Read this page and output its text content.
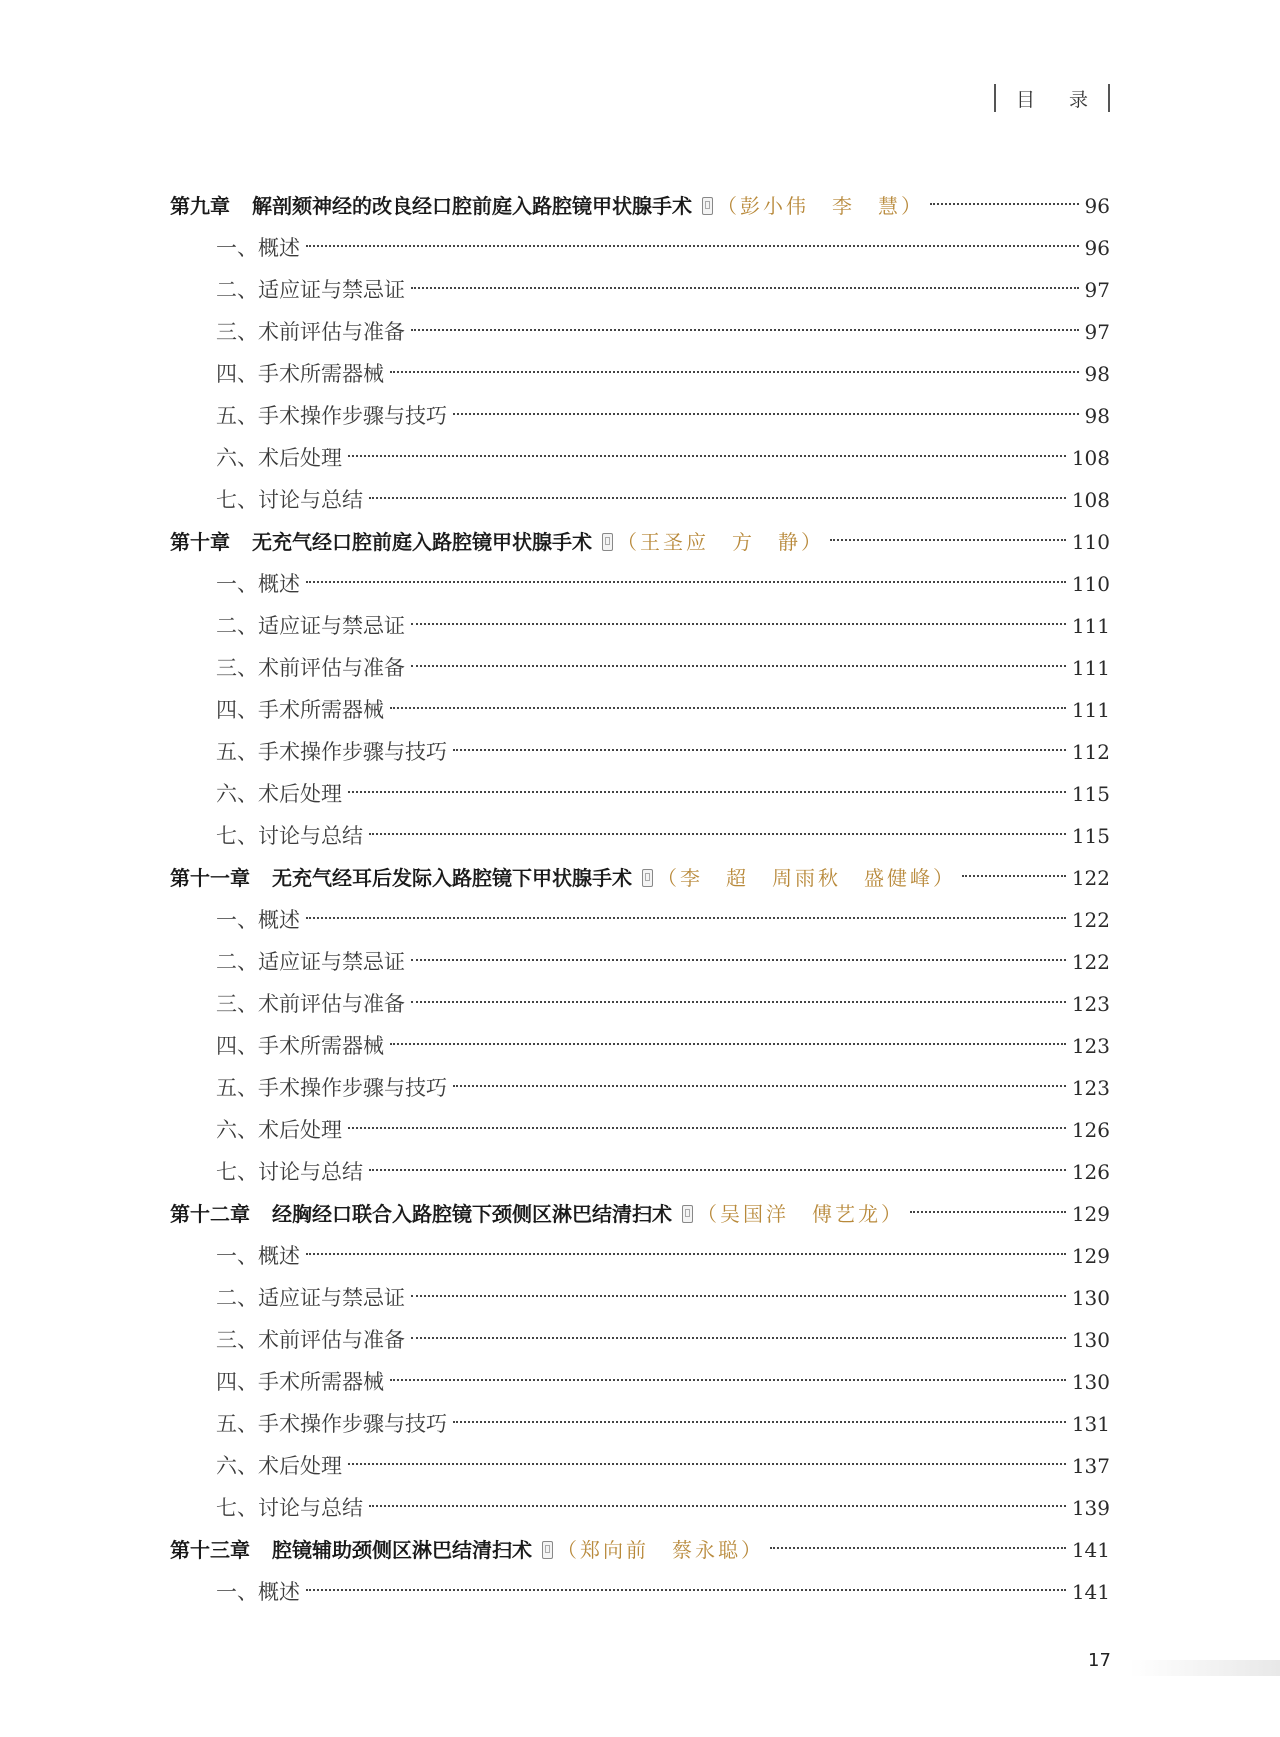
目 录
第九章 解剖颏神经的改良经口腔前庭入路腔镜甲状腺手术 （彭小伟　李　慧）	96
一、概述	96
二、适应证与禁忌证	97
三、术前评估与准备	97
四、手术所需器械	98
五、手术操作步骤与技巧	98
六、术后处理	108
七、讨论与总结	108
第十章 无充气经口腔前庭入路腔镜甲状腺手术 （王圣应　方　静）	110
一、概述	110
二、适应证与禁忌证	111
三、术前评估与准备	111
四、手术所需器械	111
五、手术操作步骤与技巧	112
六、术后处理	115
七、讨论与总结	115
第十一章 无充气经耳后发际入路腔镜下甲状腺手术 （李　超　周雨秋　盛健峰）	122
一、概述	122
二、适应证与禁忌证	122
三、术前评估与准备	123
四、手术所需器械	123
五、手术操作步骤与技巧	123
六、术后处理	126
七、讨论与总结	126
第十二章 经胸经口联合入路腔镜下颈侧区淋巴结清扫术 （吴国洋　傅艺龙）	129
一、概述	129
二、适应证与禁忌证	130
三、术前评估与准备	130
四、手术所需器械	130
五、手术操作步骤与技巧	131
六、术后处理	137
七、讨论与总结	139
第十三章 腔镜辅助颈侧区淋巴结清扫术 （郑向前　蔡永聪）	141
一、概述	141
17
